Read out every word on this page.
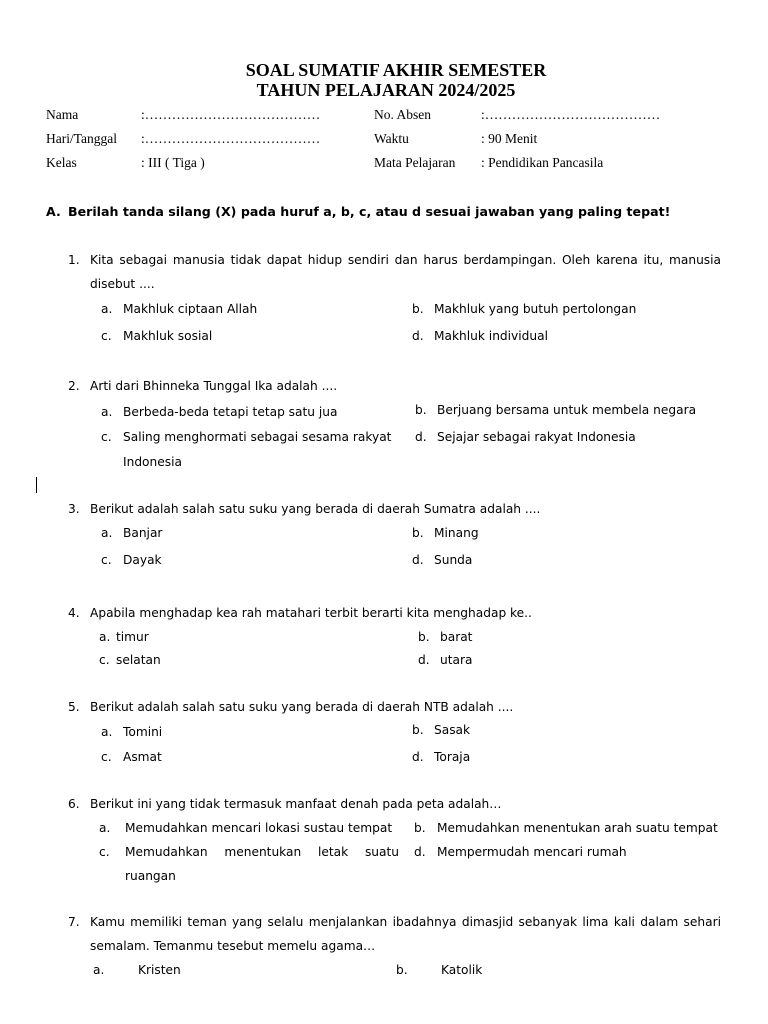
SOAL SUMATIF AKHIR SEMESTER
TAHUN PELAJARAN 2024/2025
Nama	:…………………………………	No. Absen	:…………………………………
Hari/Tanggal :…………………………………	Waktu	: 90 Menit
Kelas	: III ( Tiga )	Mata Pelajaran : Pendidikan Pancasila
A. Berilah tanda silang (X) pada huruf a, b, c, atau d sesuai jawaban yang paling tepat!
1. Kita sebagai manusia tidak dapat hidup sendiri dan harus berdampingan. Oleh karena itu, manusia disebut ....
a. Makhluk ciptaan Allah	b. Makhluk yang butuh pertolongan
c. Makhluk sosial	d. Makhluk individual
2. Arti dari Bhinneka Tunggal Ika adalah ....
a. Berbeda-beda tetapi tetap satu jua	b. Berjuang bersama untuk membela negara
c. Saling menghormati sebagai sesama rakyat
Indonesia
d. Sejajar sebagai rakyat Indonesia
3. Berikut adalah salah satu suku yang berada di daerah Sumatra adalah ....
a. Banjar	b. Minang
c. Dayak	d. Sunda
4. Apabila menghadap kea rah matahari terbit berarti kita menghadap ke..
a. timur	b. barat
c. selatan	d. utara
5. Berikut adalah salah satu suku yang berada di daerah NTB adalah ....
a. Tomini	b. Sasak
c. Asmat	d. Toraja
6. Berikut ini yang tidak termasuk manfaat denah pada peta adalah…
a. Memudahkan mencari lokasi sustau tempat b. Memudahkan menentukan arah suatu tempat
c. Memudahkan menentukan letak suatu
ruangan
d. Mempermudah mencari rumah
7. Kamu memiliki teman yang selalu menjalankan ibadahnya dimasjid sebanyak lima kali dalam sehari semalam. Temanmu tesebut memelu agama…
a.	Kristen	b.	Katolik
